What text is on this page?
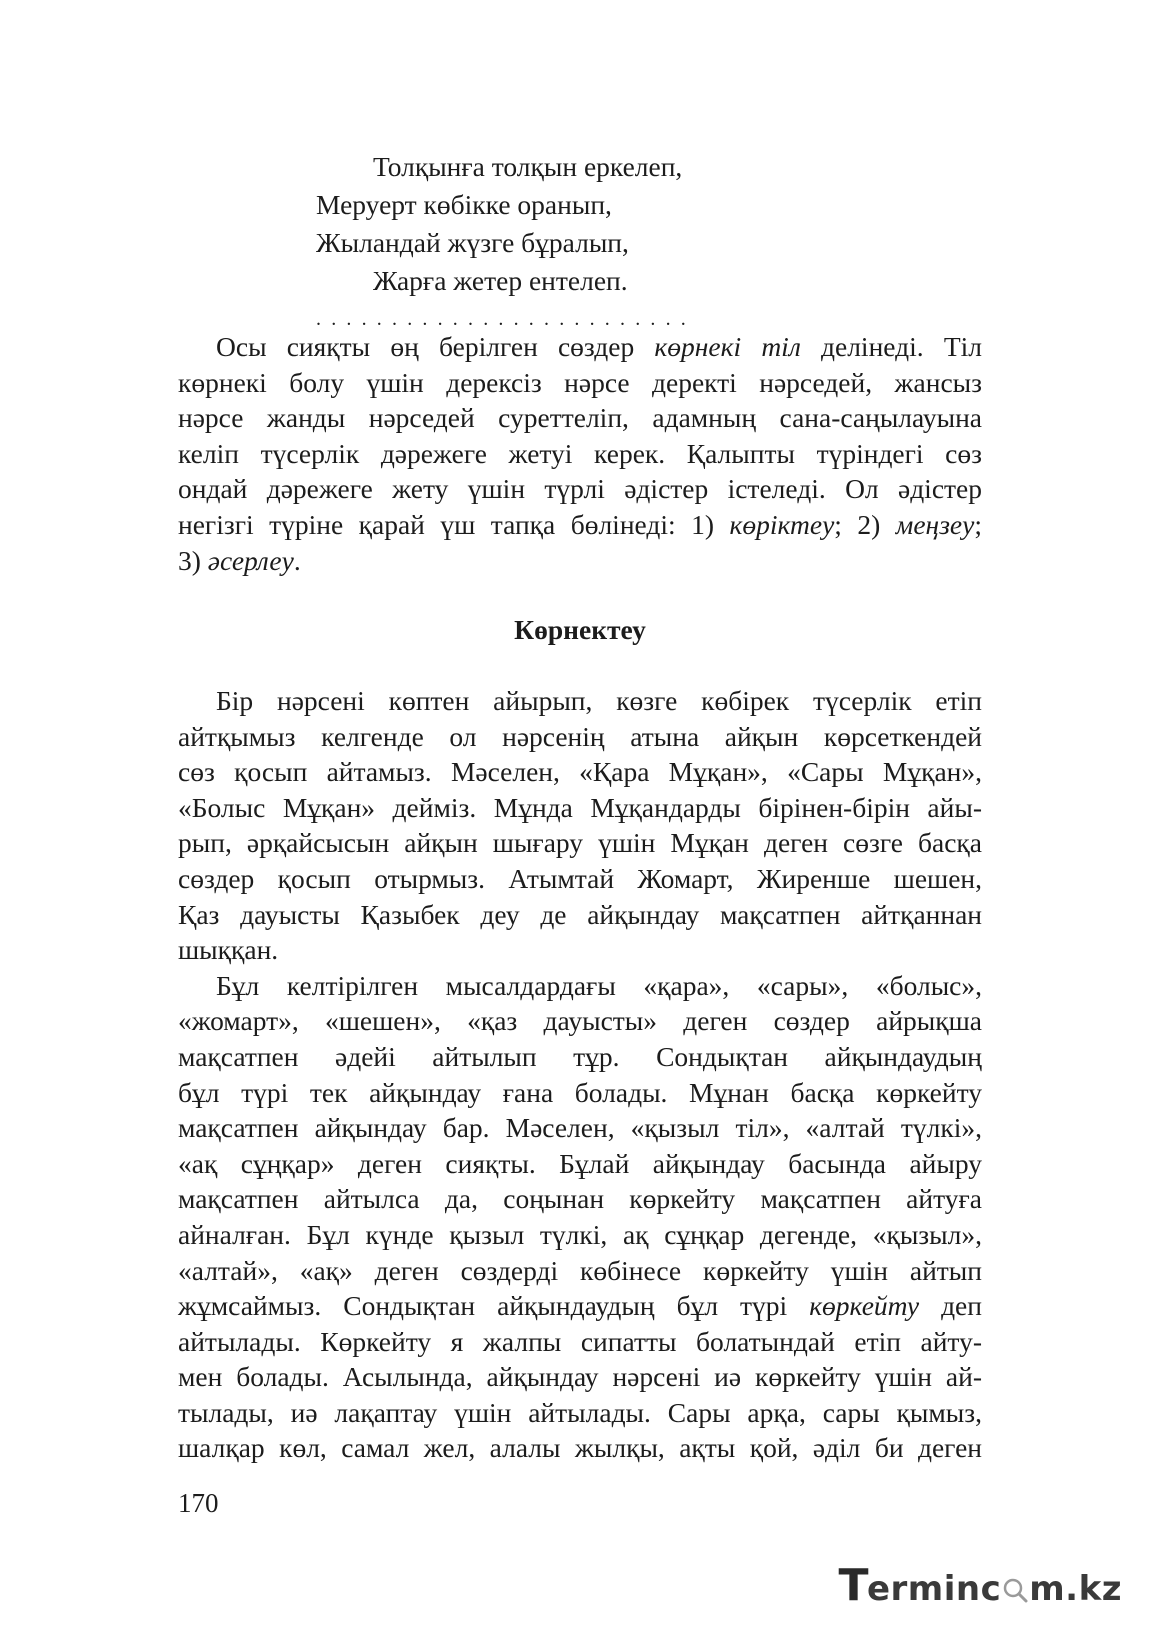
Толқынға толқын еркелеп,
Меруерт көбікке оранып,
Жыландай жүзге бұралып,
Жарға жетер ентелеп.
. . . . . . . . . . . . . . . . . . . . . . . . .
Осы сияқты өң берілген сөздер көрнекі тіл делінеді. Тіл
көрнекі болу үшін дерексіз нәрсе деректі нәрседей, жансыз
нәрсе жанды нәрседей суреттеліп, адамның сана-саңылауына
келіп түсерлік дәрежеге жетуі керек. Қалыпты түріндегі сөз
ондай дәрежеге жету үшін түрлі әдістер істеледі. Ол әдістер
негізгі түріне қарай үш тапқа бөлінеді: 1) көріктеу; 2) меңзеу;
3) әсерлеу.
Көрнектеу
Бір нәрсені көптен айырып, көзге көбірек түсерлік етіп
айтқымыз келгенде ол нәрсенің атына айқын көрсеткендей
сөз қосып айтамыз. Мәселен, «Қара Мұқан», «Сары Мұқан»,
«Болыс Мұқан» дейміз. Мұнда Мұқандарды бірінен-бірін айы-
рып, әрқайсысын айқын шығару үшін Мұқан деген сөзге басқа
сөздер қосып отырмыз. Атымтай Жомарт, Жиренше шешен,
Қаз дауысты Қазыбек деу де айқындау мақсатпен айтқаннан
шыққан.
Бұл келтірілген мысалдардағы «қара», «сары», «болыс»,
«жомарт», «шешен», «қаз дауысты» деген сөздер айрықша
мақсатпен әдейі айтылып тұр. Сондықтан айқындаудың
бұл түрі тек айқындау ғана болады. Мұнан басқа көркейту
мақсатпен айқындау бар. Мәселен, «қызыл тіл», «алтай түлкі»,
«ақ сұңқар» деген сияқты. Бұлай айқындау басында айыру
мақсатпен айтылса да, соңынан көркейту мақсатпен айтуға
айналған. Бұл күнде қызыл түлкі, ақ сұңқар дегенде, «қызыл»,
«алтай», «ақ» деген сөздерді көбінесе көркейту үшін айтып
жұмсаймыз. Сондықтан айқындаудың бұл түрі көркейту деп
айтылады. Көркейту я жалпы сипатты болатындай етіп айту-
мен болады. Асылында, айқындау нәрсені иә көркейту үшін ай-
тылады, иә лақаптау үшін айтылады. Сары арқа, сары қымыз,
шалқар көл, самал жел, алалы жылқы, ақты қой, әділ би деген
170
T
erminc m.kz
